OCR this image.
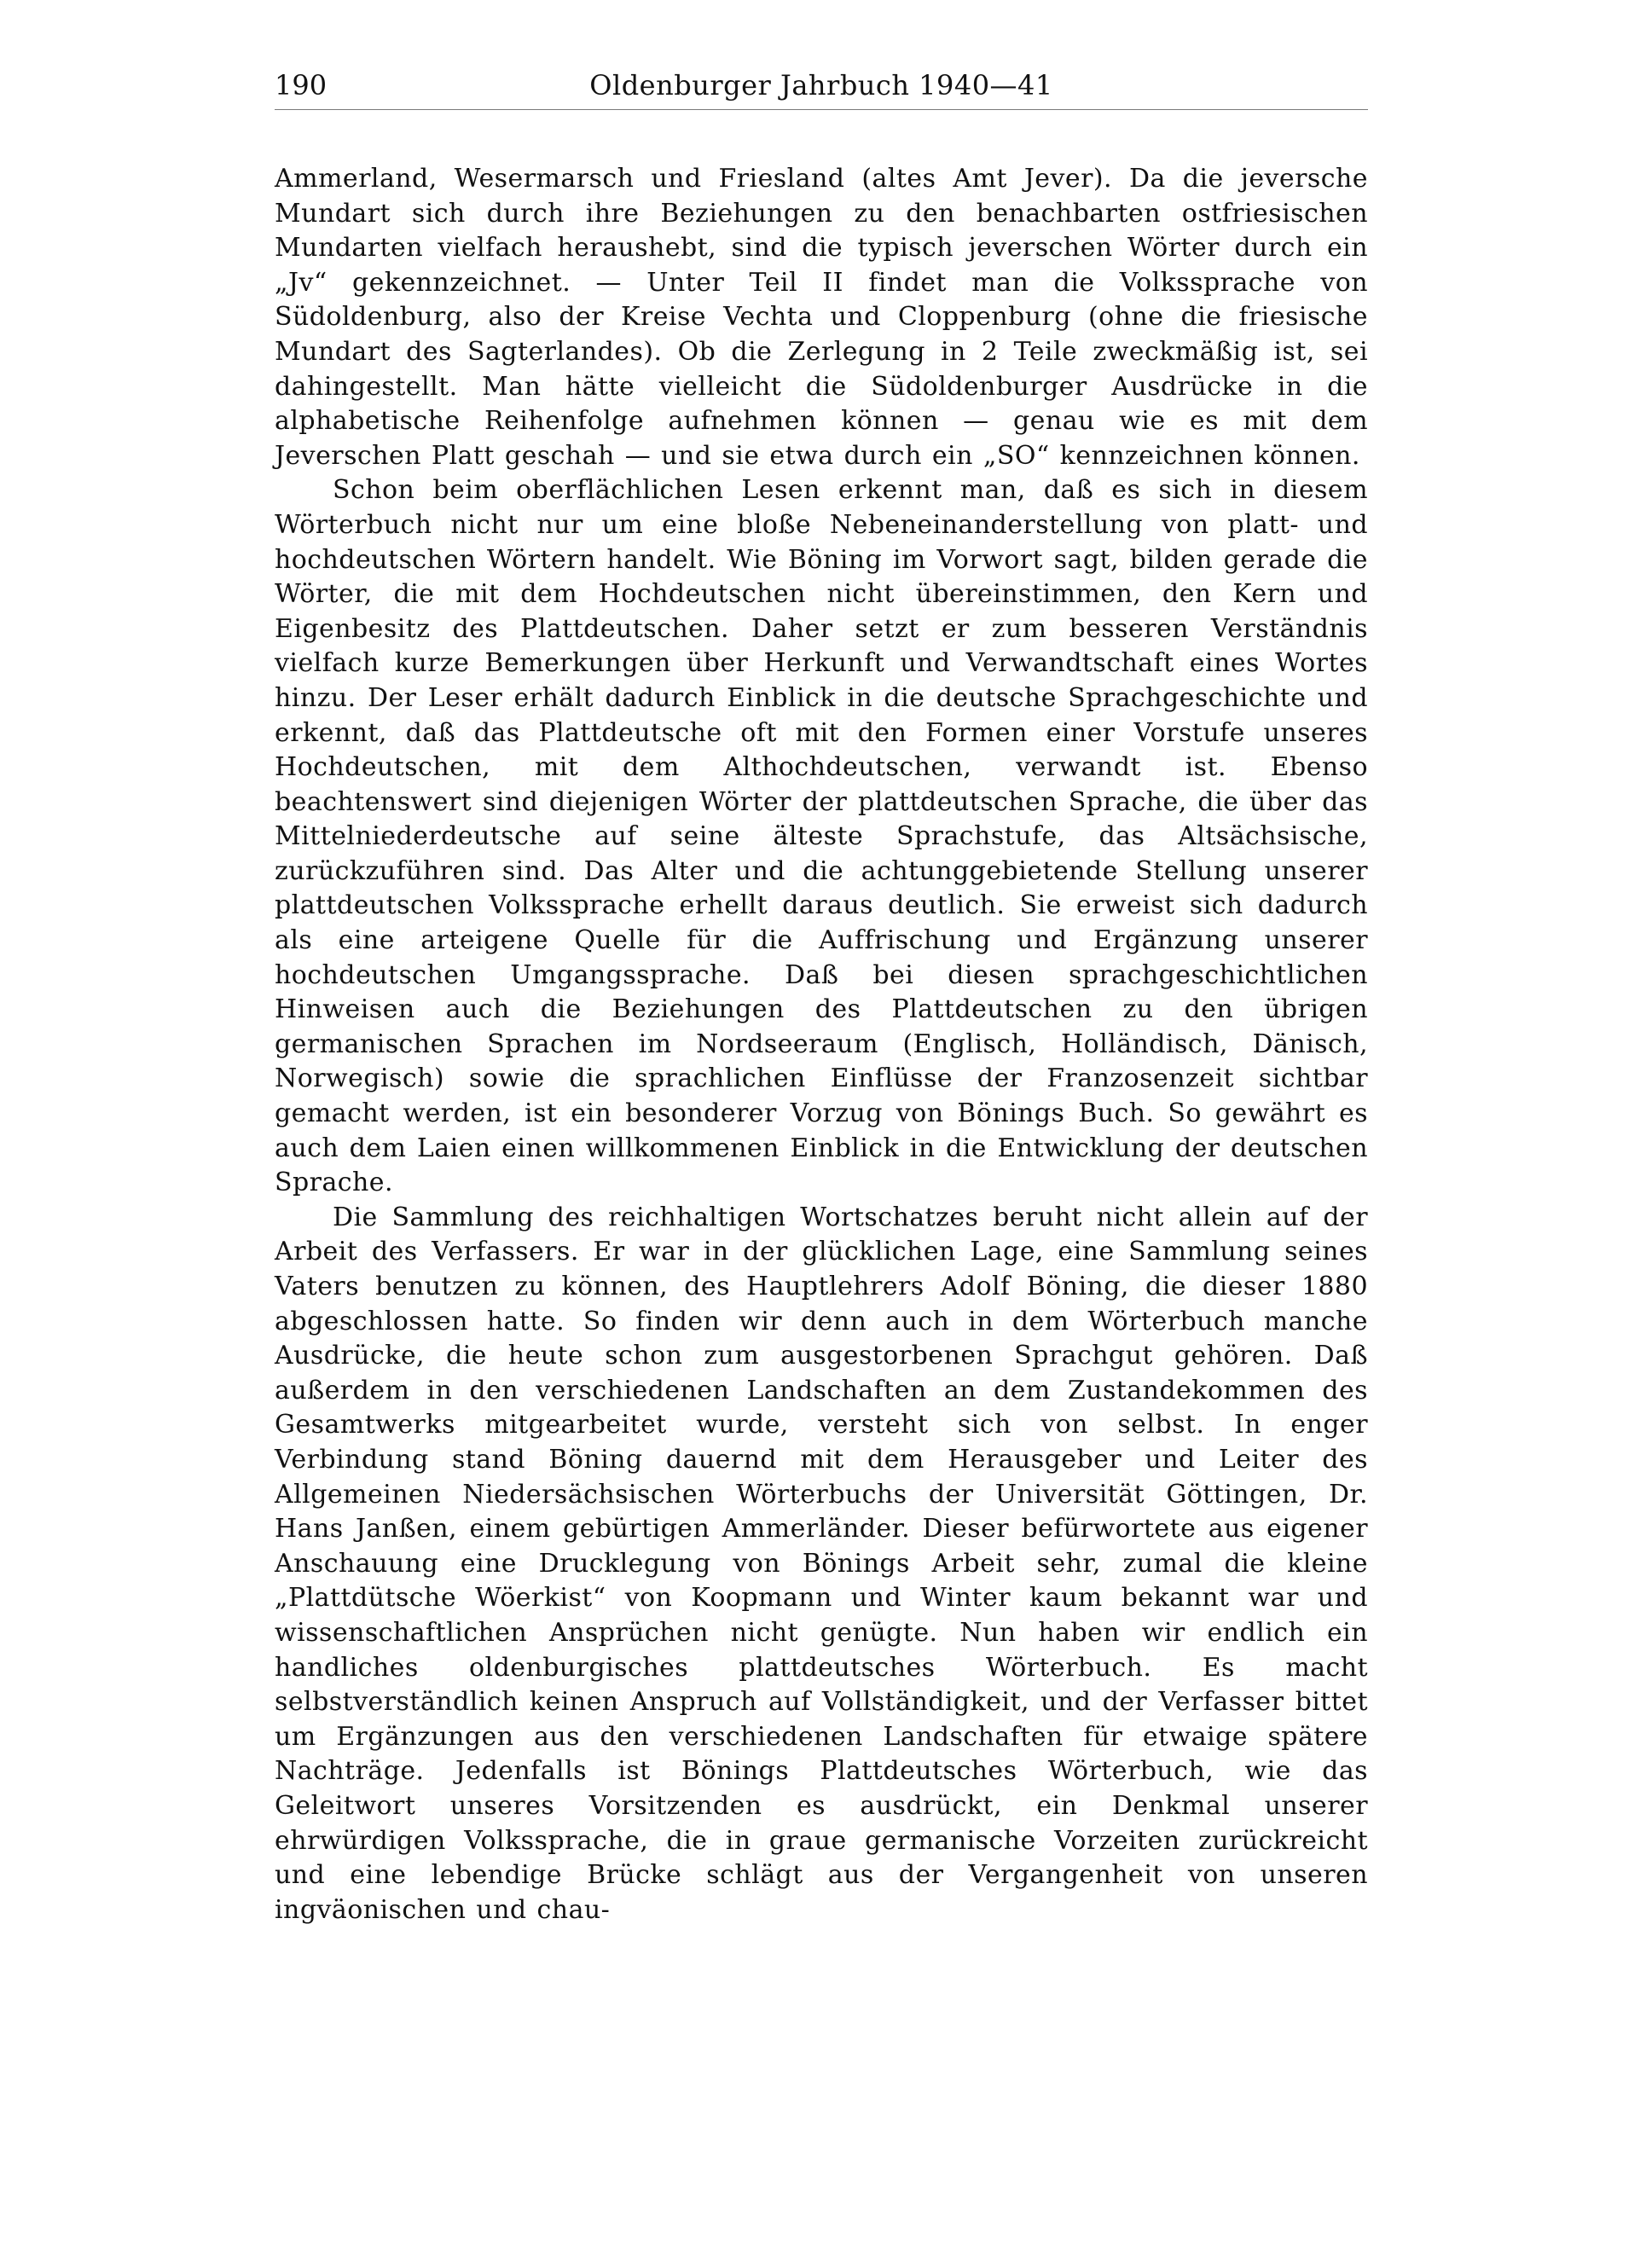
190	Oldenburger Jahrbuch 1940—41

Ammerland, Wesermarsch und Friesland (altes Amt Jever). Da die jeversche Mundart sich durch ihre Beziehungen zu den benachbarten ostfriesischen Mundarten vielfach heraushebt, sind die typisch jeverschen Wörter durch ein „Jv“ gekennzeichnet. — Unter Teil II findet man die Volkssprache von Südoldenburg, also der Kreise Vechta und Cloppenburg (ohne die friesische Mundart des Sagterlandes). Ob die Zerlegung in 2 Teile zweckmäßig ist, sei dahingestellt. Man hätte vielleicht die Südoldenburger Ausdrücke in die alphabetische Reihenfolge aufnehmen können — genau wie es mit dem Jeverschen Platt geschah — und sie etwa durch ein „SO“ kennzeichnen können.

Schon beim oberflächlichen Lesen erkennt man, daß es sich in diesem Wörterbuch nicht nur um eine bloße Nebeneinanderstellung von platt- und hochdeutschen Wörtern handelt. Wie Böning im Vorwort sagt, bilden gerade die Wörter, die mit dem Hochdeutschen nicht übereinstimmen, den Kern und Eigenbesitz des Plattdeutschen. Daher setzt er zum besseren Verständnis vielfach kurze Bemerkungen über Herkunft und Verwandtschaft eines Wortes hinzu. Der Leser erhält dadurch Einblick in die deutsche Sprachgeschichte und erkennt, daß das Plattdeutsche oft mit den Formen einer Vorstufe unseres Hochdeutschen, mit dem Althochdeutschen, verwandt ist. Ebenso beachtenswert sind diejenigen Wörter der plattdeutschen Sprache, die über das Mittelniederdeutsche auf seine älteste Sprachstufe, das Altsächsische, zurückzuführen sind. Das Alter und die achtunggebietende Stellung unserer plattdeutschen Volkssprache erhellt daraus deutlich. Sie erweist sich dadurch als eine arteigene Quelle für die Auffrischung und Ergänzung unserer hochdeutschen Umgangssprache. Daß bei diesen sprachgeschichtlichen Hinweisen auch die Beziehungen des Plattdeutschen zu den übrigen germanischen Sprachen im Nordseeraum (Englisch, Holländisch, Dänisch, Norwegisch) sowie die sprachlichen Einflüsse der Franzosenzeit sichtbar gemacht werden, ist ein besonderer Vorzug von Bönings Buch. So gewährt es auch dem Laien einen willkommenen Einblick in die Entwicklung der deutschen Sprache.

Die Sammlung des reichhaltigen Wortschatzes beruht nicht allein auf der Arbeit des Verfassers. Er war in der glücklichen Lage, eine Sammlung seines Vaters benutzen zu können, des Hauptlehrers Adolf Böning, die dieser 1880 abgeschlossen hatte. So finden wir denn auch in dem Wörterbuch manche Ausdrücke, die heute schon zum ausgestorbenen Sprachgut gehören. Daß außerdem in den verschiedenen Landschaften an dem Zustandekommen des Gesamtwerks mitgearbeitet wurde, versteht sich von selbst. In enger Verbindung stand Böning dauernd mit dem Herausgeber und Leiter des Allgemeinen Niedersächsischen Wörterbuchs der Universität Göttingen, Dr. Hans Janßen, einem gebürtigen Ammerländer. Dieser befürwortete aus eigener Anschauung eine Drucklegung von Bönings Arbeit sehr, zumal die kleine „Plattdütsche Wöerkist“ von Koopmann und Winter kaum bekannt war und wissenschaftlichen Ansprüchen nicht genügte. Nun haben wir endlich ein handliches oldenburgisches plattdeutsches Wörterbuch. Es macht selbstverständlich keinen Anspruch auf Vollständigkeit, und der Verfasser bittet um Ergänzungen aus den verschiedenen Landschaften für etwaige spätere Nachträge. Jedenfalls ist Bönings Plattdeutsches Wörterbuch, wie das Geleitwort unseres Vorsitzenden es ausdrückt, ein Denkmal unserer ehrwürdigen Volkssprache, die in graue germanische Vorzeiten zurückreicht und eine lebendige Brücke schlägt aus der Vergangenheit von unseren ingväonischen und chau-
